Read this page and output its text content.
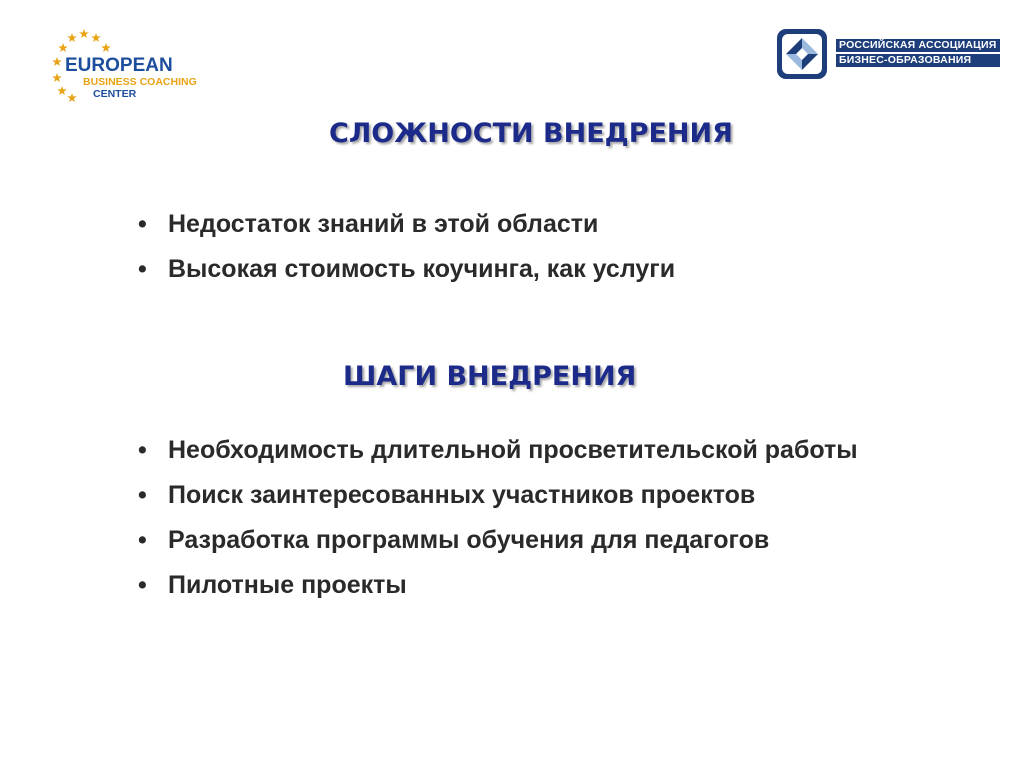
EUROPEAN
BUSINESS COACHING
CENTER
РОССИЙСКАЯ АССОЦИАЦИЯ
БИЗНЕС-ОБРАЗОВАНИЯ
СЛОЖНОСТИ ВНЕДРЕНИЯ
• Недостаток знаний в этой области
• Высокая стоимость коучинга, как услуги
ШАГИ ВНЕДРЕНИЯ
• Необходимость длительной просветительской работы
• Поиск заинтересованных участников проектов
• Разработка программы обучения для педагогов
• Пилотные проекты
